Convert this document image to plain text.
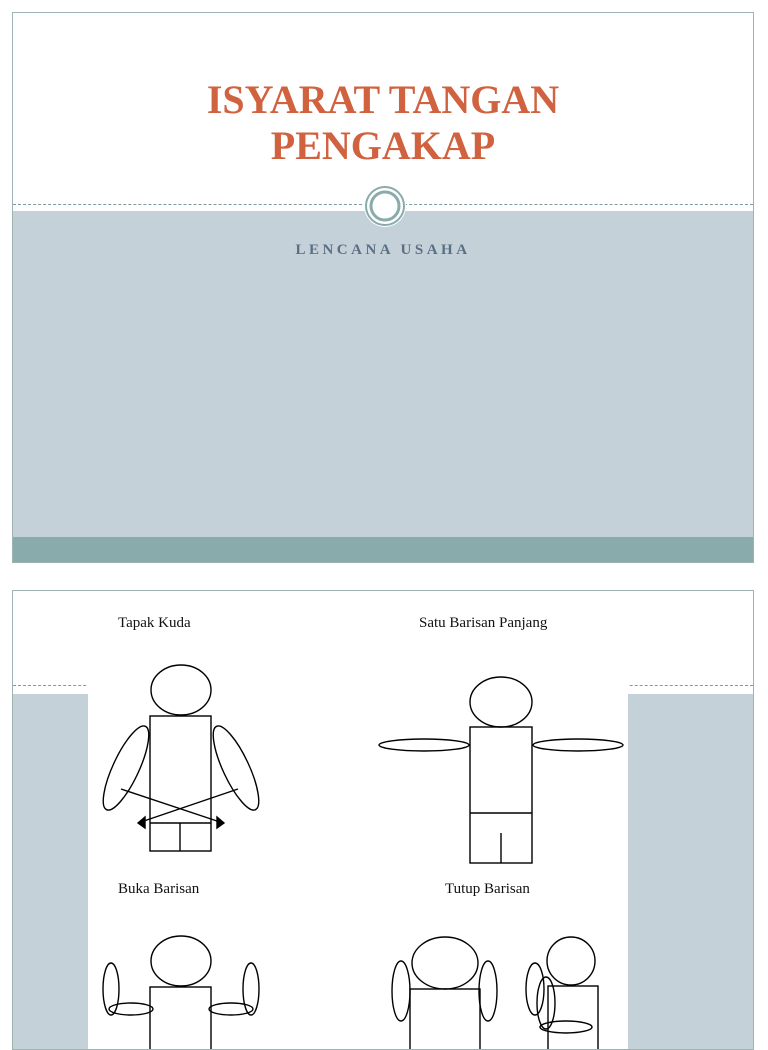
ISYARAT TANGAN
PENGAKAP
LENCANA USAHA
Tapak Kuda	Satu Barisan Panjang
Buka Barisan	Tutup Barisan
